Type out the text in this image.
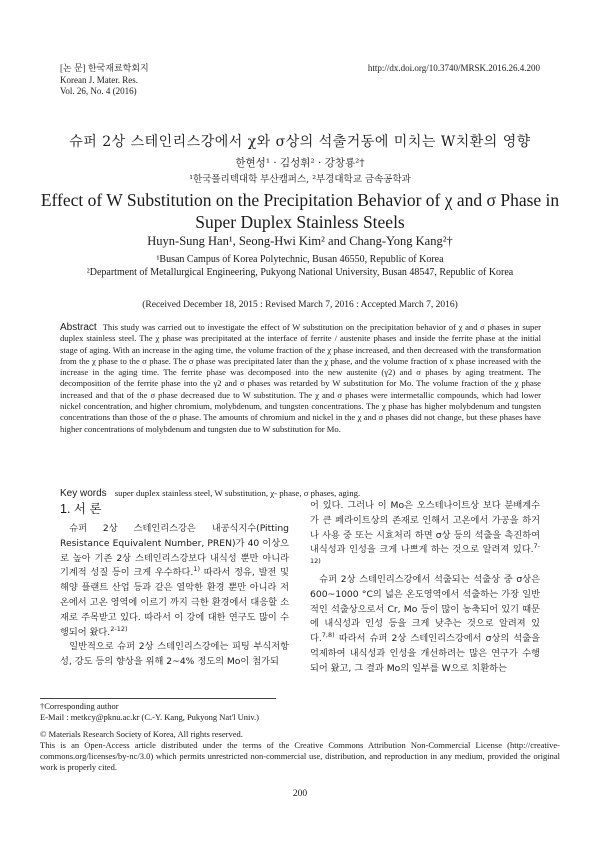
[논 문] 한국재료학회지
Korean J. Mater. Res.
Vol. 26, No. 4 (2016)
http://dx.doi.org/10.3740/MRSK.2016.26.4.200
슈퍼 2상 스테인리스강에서 χ와 σ상의 석출거동에 미치는 W치환의 영향
한현성¹ · 김성휘² · 강창룡²†
¹한국폴리텍대학 부산캠퍼스, ²부경대학교 금속공학과
Effect of W Substitution on the Precipitation Behavior of χ and σ Phase in Super Duplex Stainless Steels
Huyn-Sung Han¹, Seong-Hwi Kim² and Chang-Yong Kang²†
¹Busan Campus of Korea Polytechnic, Busan 46550, Republic of Korea
²Department of Metallurgical Engineering, Pukyong National University, Busan 48547, Republic of Korea
(Received December 18, 2015 : Revised March 7, 2016 : Accepted March 7, 2016)
Abstract This study was carried out to investigate the effect of W substitution on the precipitation behavior of χ and σ phases in super duplex stainless steel. The χ phase was precipitated at the interface of ferrite / austenite phases and inside the ferrite phase at the initial stage of aging. With an increase in the aging time, the volume fraction of the χ phase increased, and then decreased with the transformation from the χ phase to the σ phase. The σ phase was precipitated later than the χ phase, and the volume fraction of x phase increased with the increase in the aging time. The ferrite phase was decomposed into the new austenite (γ2) and σ phases by aging treatment. The decomposition of the ferrite phase into the γ2 and σ phases was retarded by W substitution for Mo. The volume fraction of the χ phase increased and that of the σ phase decreased due to W substitution. The χ and σ phases were intermetallic compounds, which had lower nickel concentration, and higher chromium, molybdenum, and tungsten concentrations. The χ phase has higher molybdenum and tungsten concentrations than those of the σ phase. The amounts of chromium and nickel in the χ and σ phases did not change, but these phases have higher concentrations of molybdenum and tungsten due to W substitution for Mo.
Key words super duplex stainless steel, W substitution, χ- phase, σ phases, aging.
1. 서 론

슈퍼 2상 스테인리스강은 내공식지수(Pitting Resistance Equivalent Number, PREN)가 40 이상으로 높아 기존 2상 스테인리스강보다 내식성 뿐만 아니라 기계적 성질 등이 크게 우수하다.$^{1)}$ 따라서 정유, 발전 및 해양 플랜트 산업 등과 같은 열악한 환경 뿐만 아니라 저온에서 고온 영역에 이르기 까지 극한 환경에서 대응할 소재로 주목받고 있다. 따라서 이 강에 대한 연구도 많이 수행되어 왔다.$^{2-12)}$

일반적으로 슈퍼 2상 스테인리스강에는 피팅 부식저항성, 강도 등의 향상을 위해 2~4% 정도의 Mo이 첨가되

어 있다. 그러나 이 Mo은 오스테나이트상 보다 분배계수가 큰 페라이트상의 존재로 인해서 고온에서 가공을 하거나 사용 중 또는 시효처리 하면 σ상 등의 석출을 촉진하여 내식성과 인성을 크게 나쁘게 하는 것으로 알려져 있다.$^{7-12)}$

슈퍼 2상 스테인리스강에서 석출되는 석출상 중 σ상은 600~1000 °C의 넓은 온도영역에서 석출하는 가장 일반적인 석출상으로서 Cr, Mo 등이 많이 농축되어 있기 때문에 내식성과 인성 등을 크게 낮추는 것으로 알려져 있다.$^{7,8)}$ 따라서 슈퍼 2상 스테인리스강에서 σ상의 석출을 억제하여 내식성과 인성을 개선하려는 많은 연구가 수행되어 왔고, 그 결과 Mo의 일부를 W으로 치환하는

†Corresponding author
E-Mail : metkcy@pknu.ac.kr (C.-Y. Kang, Pukyong Nat'l Univ.)
© Materials Research Society of Korea, All rights reserved.
This is an Open-Access article distributed under the terms of the Creative Commons Attribution Non-Commercial License (http://creative-commons.org/licenses/by-nc/3.0) which permits unrestricted non-commercial use, distribution, and reproduction in any medium, provided the original work is properly cited.
200
